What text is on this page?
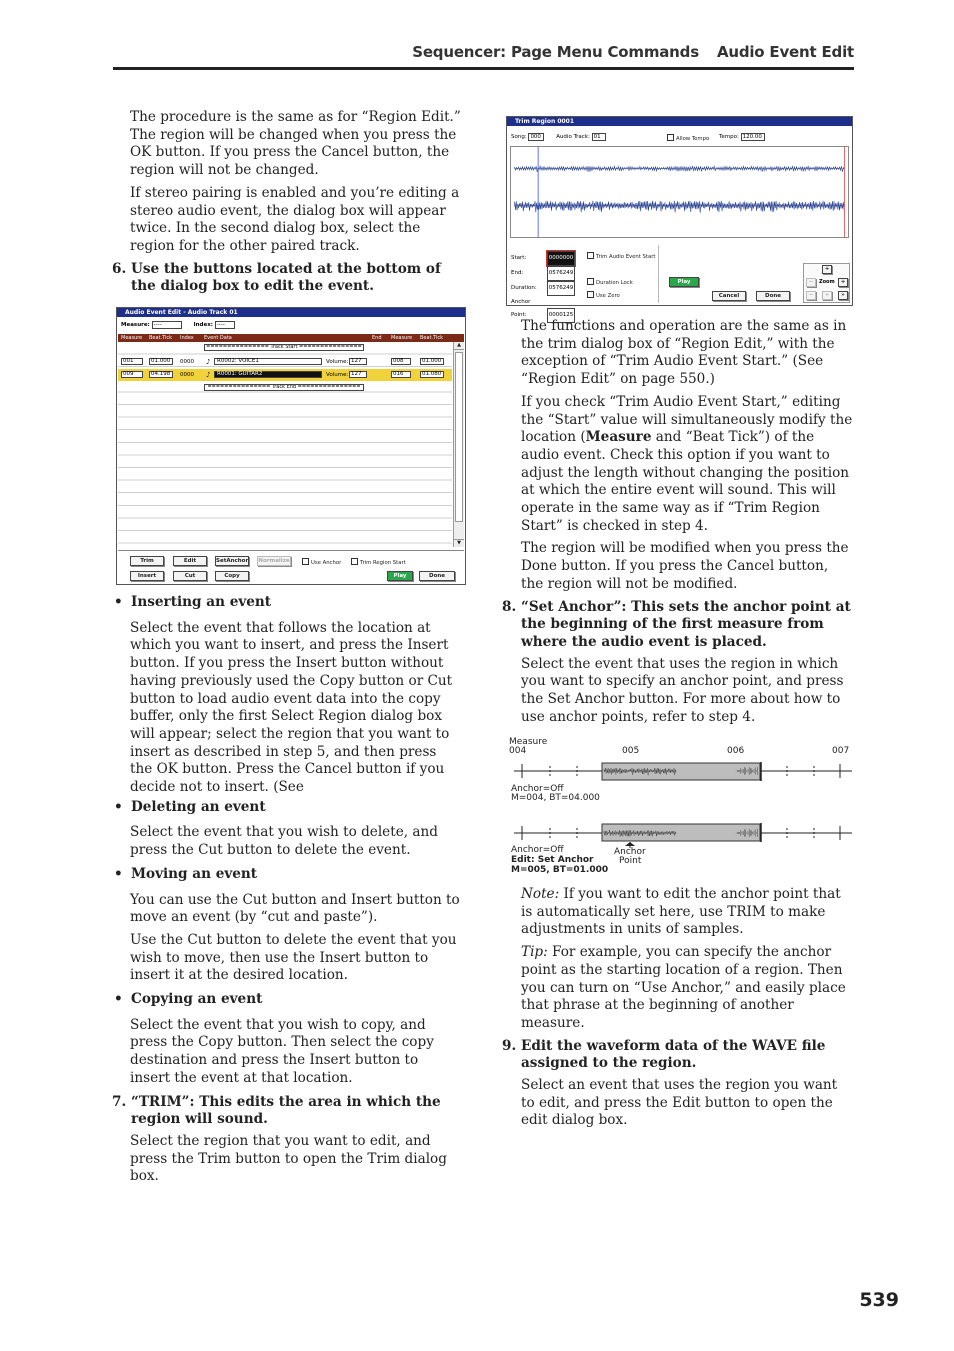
Sequencer: Page Menu Commands Audio Event Edit

The procedure is the same as for “Region Edit.” The region will be changed when you press the OK button. If you press the Cancel button, the region will not be changed.

If stereo pairing is enabled and you’re editing a stereo audio event, the dialog box will appear twice. In the second dialog box, select the region for the other paired track.

6. Use the buttons located at the bottom of the dialog box to edit the event.
Audio Event Edit - Audio Track 01
Measure: ----	Index: ----
Measure Beat.Tick Index Event Data	End Measure Beat.Tick
=============== Track Start ===============
001	01.000	0000 ♪	R0002: VOICE1	Volume: 127	008	01.000
009	04.198	0000 ♪	R0001: GUITAR2	Volume: 127	016	01.080
=============== Track End ===============
▲
▼
Trim	Edit	SetAnchor Normalize	Use Anchor	Trim Region Start
Insert	Cut	Copy	Play	Done
• Inserting an event

Select the event that follows the location at which you want to insert, and press the Insert button. If you press the Insert button without having previously used the Copy button or Cut button to load audio event data into the copy buffer, only the first Select Region dialog box will appear; select the region that you want to insert as described in step 5, and then press the OK button. Press the Cancel button if you decide not to insert. (See

• Deleting an event

Select the event that you wish to delete, and press the Cut button to delete the event.

• Moving an event

You can use the Cut button and Insert button to move an event (by “cut and paste”).

Use the Cut button to delete the event that you wish to move, then use the Insert button to insert it at the desired location.

• Copying an event

Select the event that you wish to copy, and press the Copy button. Then select the copy destination and press the Insert button to insert the event at that location.

7. “TRIM”: This edits the area in which the region will sound.

Select the region that you want to edit, and press the Trim button to open the Trim dialog box.

Trim Region 0001
Song: 000	Audio Track: 01	Allow Tempo Tempo: 120.00
Start:	0000000
End:	0576249
Duration: 0576249
Anchor Point:	0000125
Trim Audio Event Start
Duration Lock
Use Zero
Play
Cancel	Done
+
−	Zoom	+
−	«	»

The functions and operation are the same as in the trim dialog box of “Region Edit,” with the exception of “Trim Audio Event Start.” (See “Region Edit” on page 550.)

If you check “Trim Audio Event Start,” editing the “Start” value will simultaneously modify the location (Measure and “Beat Tick”) of the audio event. Check this option if you want to adjust the length without changing the position at which the entire event will sound. This will operate in the same way as if “Trim Region Start” is checked in step 4.

The region will be modified when you press the Done button. If you press the Cancel button, the region will not be modified.

8. “Set Anchor”: This sets the anchor point at the beginning of the first measure from where the audio event is placed.

Select the event that uses the region in which you want to specify an anchor point, and press the Set Anchor button. For more about how to use anchor points, refer to step 4.

Measure
004	005	006	007
Anchor=Off
M=004, BT=04.000
Anchor=Off
Edit: Set Anchor
M=005, BT=01.000
Anchor
Point

Note: If you want to edit the anchor point that is automatically set here, use TRIM to make adjustments in units of samples.

Tip: For example, you can specify the anchor point as the starting location of a region. Then you can turn on “Use Anchor,” and easily place that phrase at the beginning of another measure.

9. Edit the waveform data of the WAVE file assigned to the region.

Select an event that uses the region you want to edit, and press the Edit button to open the edit dialog box.

539
